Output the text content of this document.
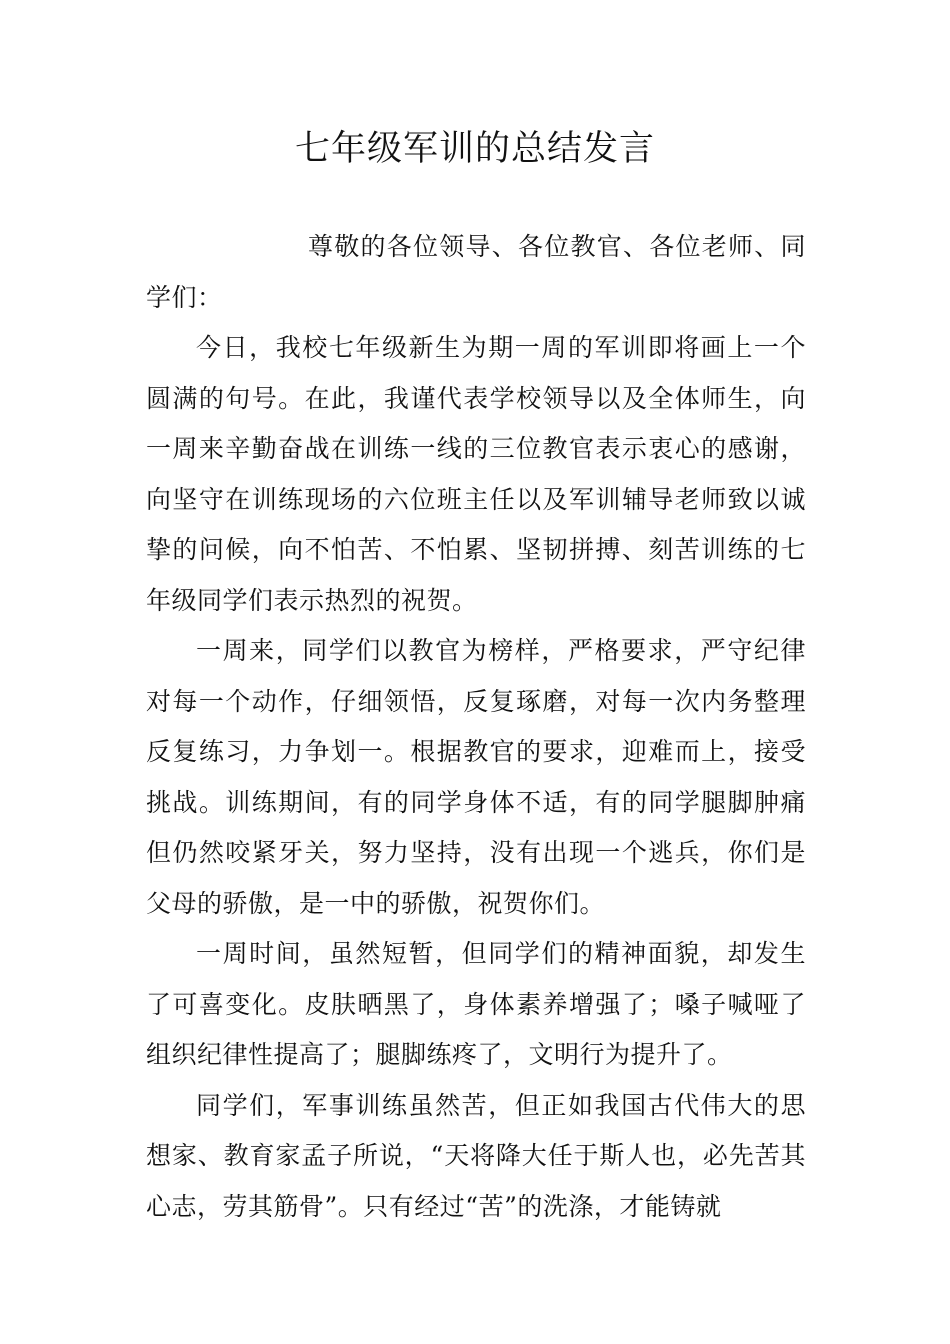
七年级军训的总结发言

尊敬的各位领导、各位教官、各位老师、同学们：

今日，我校七年级新生为期一周的军训即将画上一个圆满的句号。在此，我谨代表学校领导以及全体师生，向一周来辛勤奋战在训练一线的三位教官表示衷心的感谢，向坚守在训练现场的六位班主任以及军训辅导老师致以诚挚的问候，向不怕苦、不怕累、坚韧拼搏、刻苦训练的七年级同学们表示热烈的祝贺。

一周来，同学们以教官为榜样，严格要求，严守纪律对每一个动作，仔细领悟，反复琢磨，对每一次内务整理反复练习，力争划一。根据教官的要求，迎难而上，接受挑战。训练期间，有的同学身体不适，有的同学腿脚肿痛但仍然咬紧牙关，努力坚持，没有出现一个逃兵，你们是父母的骄傲，是一中的骄傲，祝贺你们。

一周时间，虽然短暂，但同学们的精神面貌，却发生了可喜变化。皮肤晒黑了，身体素养增强了；嗓子喊哑了组织纪律性提高了；腿脚练疼了，文明行为提升了。

同学们，军事训练虽然苦，但正如我国古代伟大的思想家、教育家孟子所说，“天将降大任于斯人也，必先苦其心志，劳其筋骨”。只有经过“苦”的洗涤，才能铸就
